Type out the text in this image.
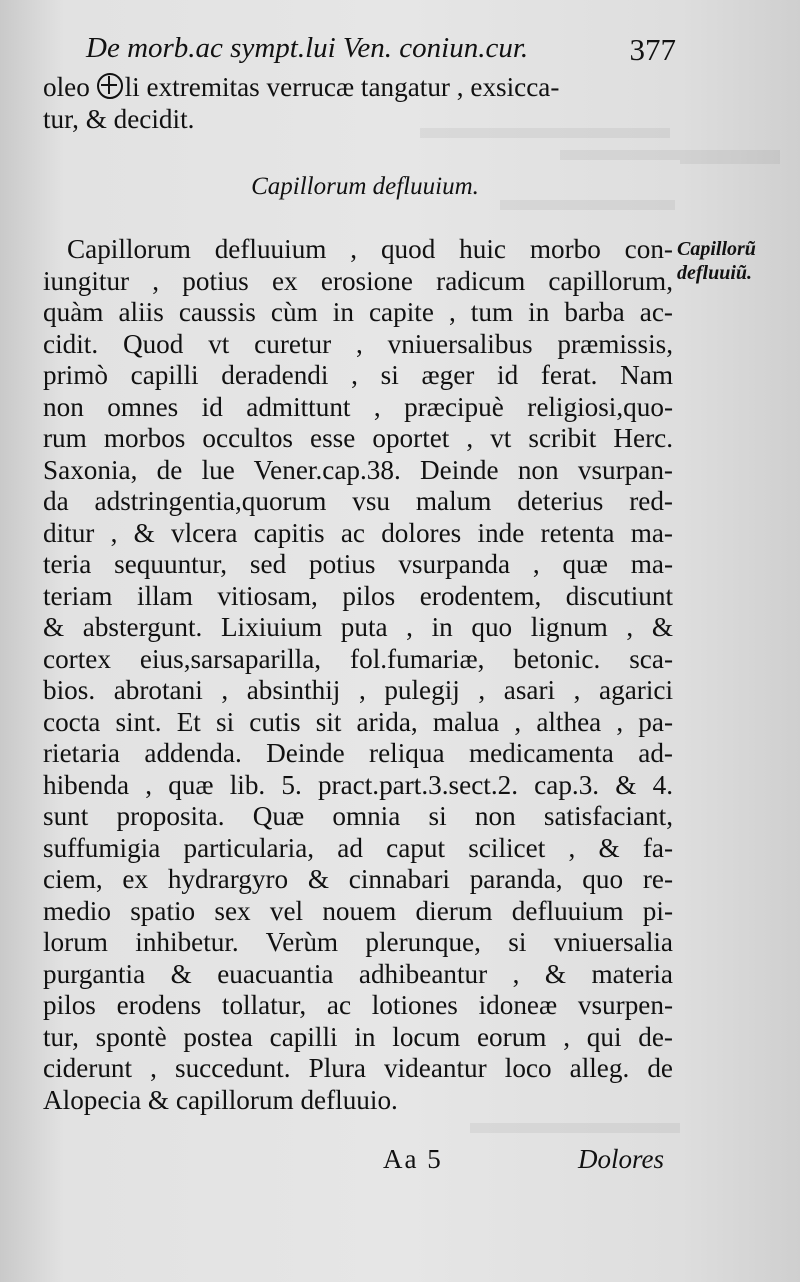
De morb.ac sympt.lui Ven. coniun.cur.	377
oleo li extremitas verrucæ tangatur , exsicca-
tur, & decidit.
Capillorum defluuium.
Capillorũ
defluuiũ.
Capillorum defluuium , quod huic morbo con-
iungitur , potius ex erosione radicum capillorum,
quàm aliis caussis cùm in capite , tum in barba ac-
cidit. Quod vt curetur , vniuersalibus præmissis,
primò capilli deradendi , si æger id ferat. Nam
non omnes id admittunt , præcipuè religiosi,quo-
rum morbos occultos esse oportet , vt scribit Herc.
Saxonia, de lue Vener.cap.38. Deinde non vsurpan-
da adstringentia,quorum vsu malum deterius red-
ditur , & vlcera capitis ac dolores inde retenta ma-
teria sequuntur, sed potius vsurpanda , quæ ma-
teriam illam vitiosam, pilos erodentem, discutiunt
& abstergunt. Lixiuium puta , in quo lignum , &
cortex eius,sarsaparilla, fol.fumariæ, betonic. sca-
bios. abrotani , absinthij , pulegij , asari , agarici
cocta sint. Et si cutis sit arida, malua , althea , pa-
rietaria addenda. Deinde reliqua medicamenta ad-
hibenda , quæ lib. 5. pract.part.3.sect.2. cap.3. & 4.
sunt proposita. Quæ omnia si non satisfaciant,
suffumigia particularia, ad caput scilicet , & fa-
ciem, ex hydrargyro & cinnabari paranda, quo re-
medio spatio sex vel nouem dierum defluuium pi-
lorum inhibetur. Verùm plerunque, si vniuersalia
purgantia & euacuantia adhibeantur , & materia
pilos erodens tollatur, ac lotiones idoneæ vsurpen-
tur, spontè postea capilli in locum eorum , qui de-
ciderunt , succedunt. Plura videantur loco alleg. de
Alopecia & capillorum defluuio.
Aa 5	Dolores
